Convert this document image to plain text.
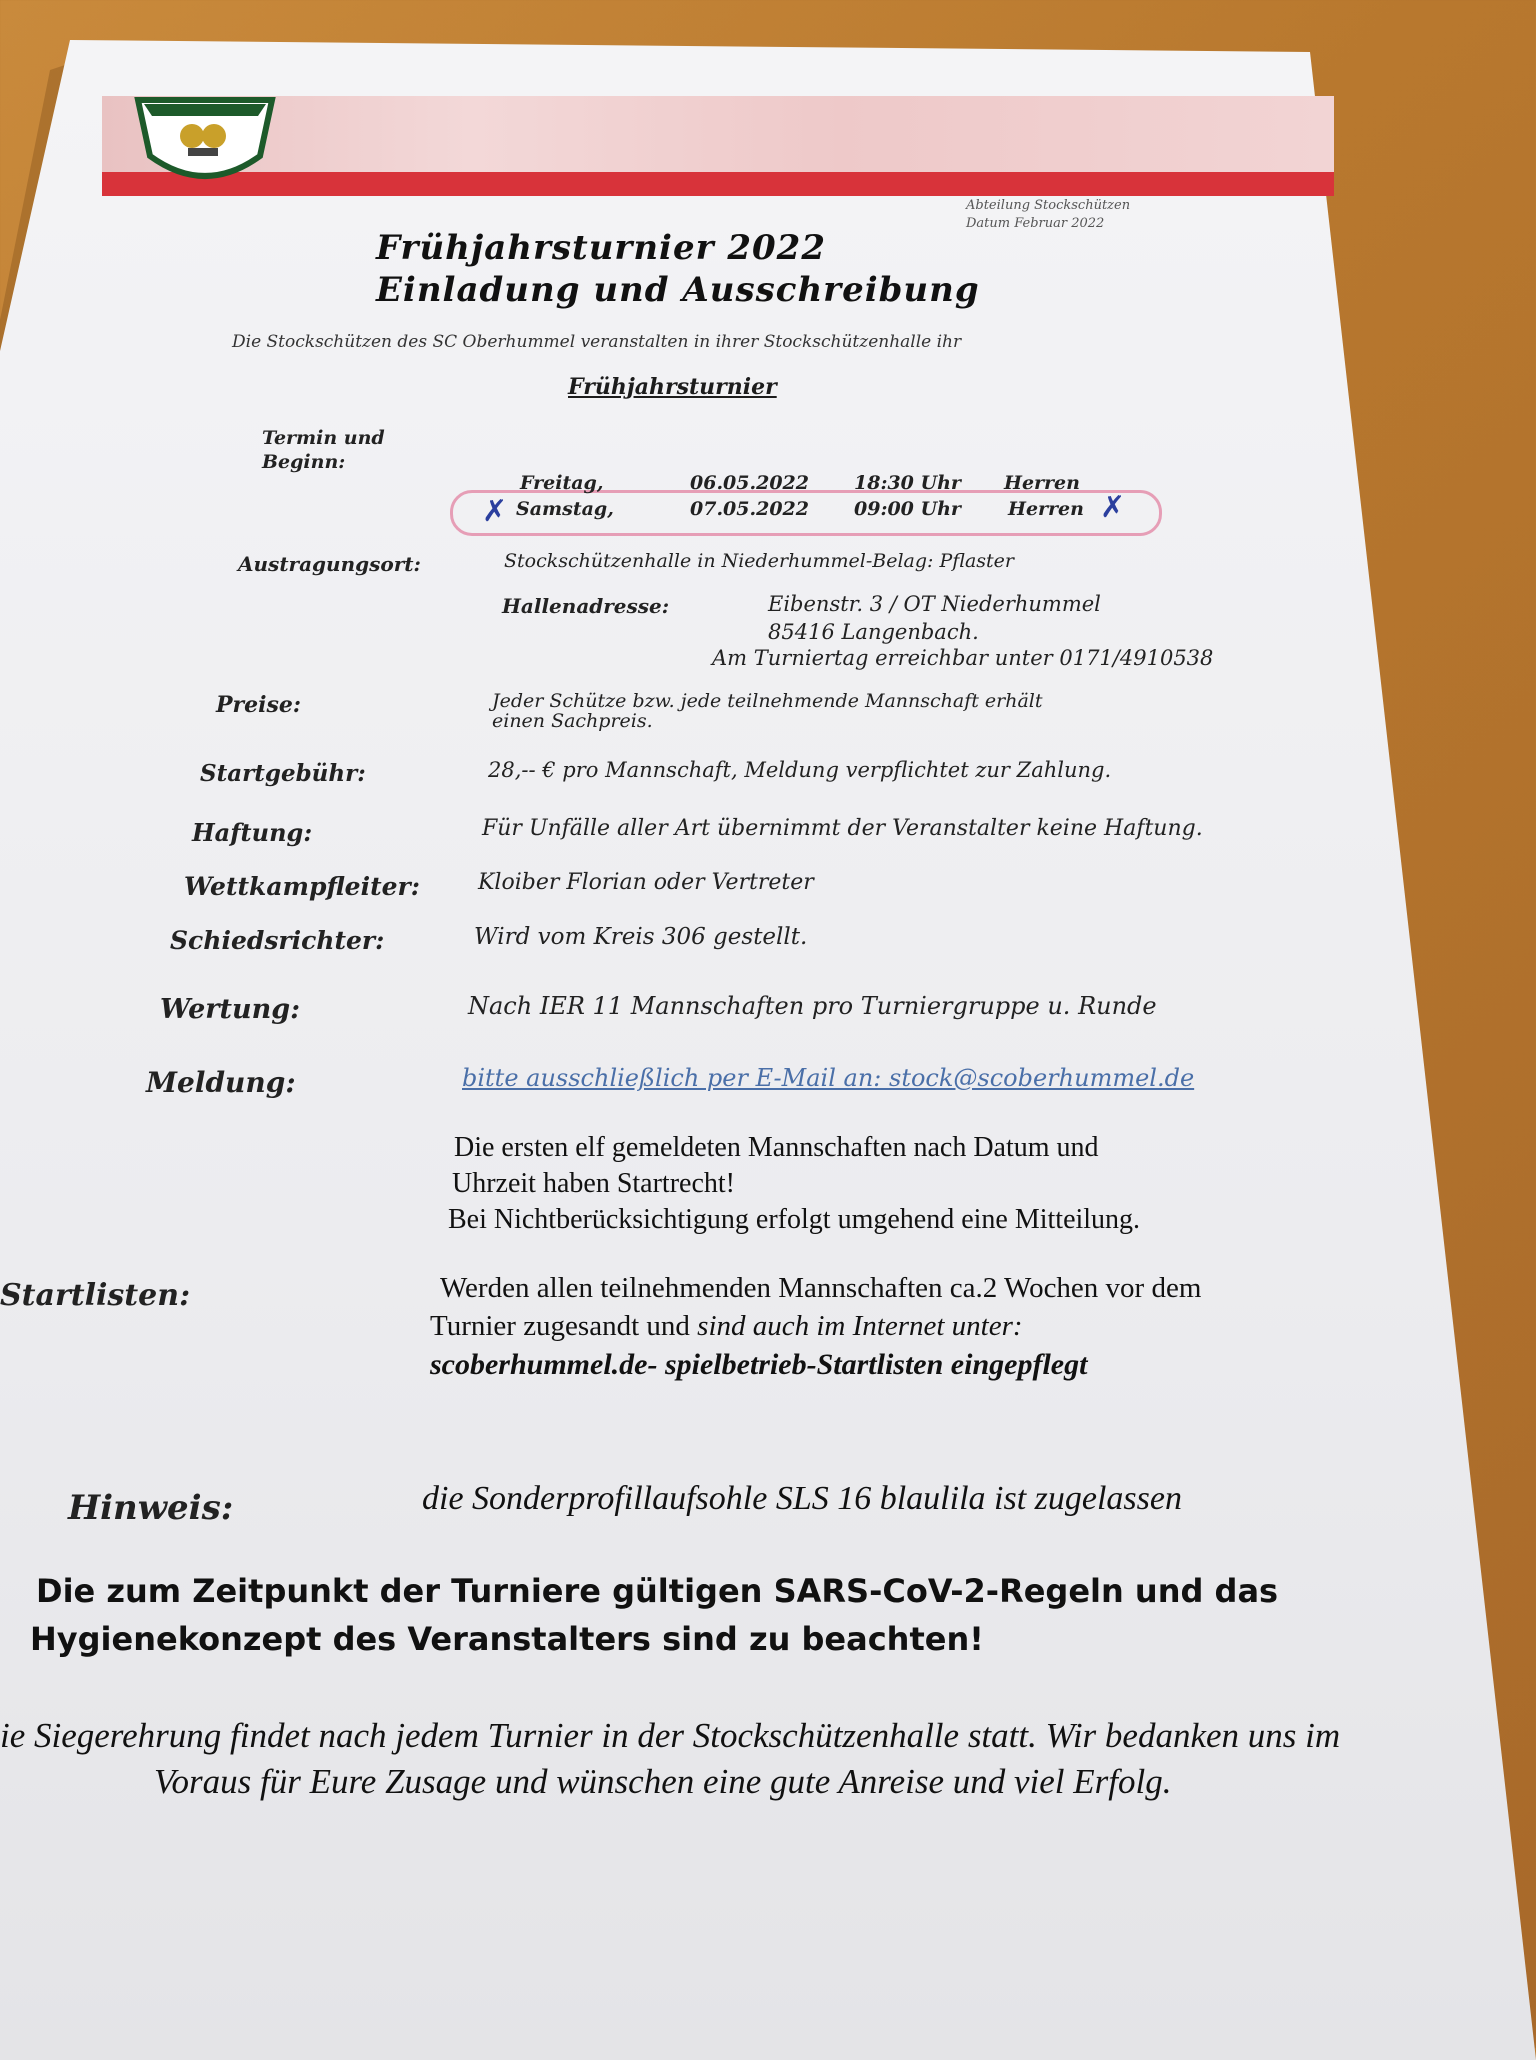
Abteilung Stockschützen
Datum Februar 2022
Frühjahrsturnier 2022
Einladung und Ausschreibung
Die Stockschützen des SC Oberhummel veranstalten in ihrer Stockschützenhalle ihr
Frühjahrsturnier
Termin und Beginn:
✗	✗
Freitag,	06.05.2022 18:30 Uhr Herren
Samstag,	07.05.2022 09:00 Uhr Herren
Austragungsort:	Stockschützenhalle in Niederhummel-Belag: Pflaster
Hallenadresse:	Eibenstr. 3 / OT Niederhummel
85416 Langenbach.
Am Turniertag erreichbar unter 0171/4910538
Preise:	Jeder Schütze bzw. jede teilnehmende Mannschaft erhält
einen Sachpreis.
Startgebühr:	28,-- € pro Mannschaft, Meldung verpflichtet zur Zahlung.
Haftung:	Für Unfälle aller Art übernimmt der Veranstalter keine Haftung.
Wettkampfleiter:	Kloiber Florian oder Vertreter
Schiedsrichter:	Wird vom Kreis 306 gestellt.
Wertung:	Nach IER 11 Mannschaften pro Turniergruppe u. Runde
Meldung:	bitte ausschließlich per E-Mail an: stock@scoberhummel.de
Die ersten elf gemeldeten Mannschaften nach Datum und
Uhrzeit haben Startrecht!
Bei Nichtberücksichtigung erfolgt umgehend eine Mitteilung.
Startlisten:	Werden allen teilnehmenden Mannschaften ca.2 Wochen vor dem
Turnier zugesandt und sind auch im Internet unter:
scoberhummel.de- spielbetrieb-Startlisten eingepflegt
Hinweis:	die Sonderprofillaufsohle SLS 16 blaulila ist zugelassen
Die zum Zeitpunkt der Turniere gültigen SARS-CoV-2-Regeln und das
Hygienekonzept des Veranstalters sind zu beachten!
ie Siegerehrung findet nach jedem Turnier in der Stockschützenhalle statt. Wir bedanken uns im
Voraus für Eure Zusage und wünschen eine gute Anreise und viel Erfolg.
